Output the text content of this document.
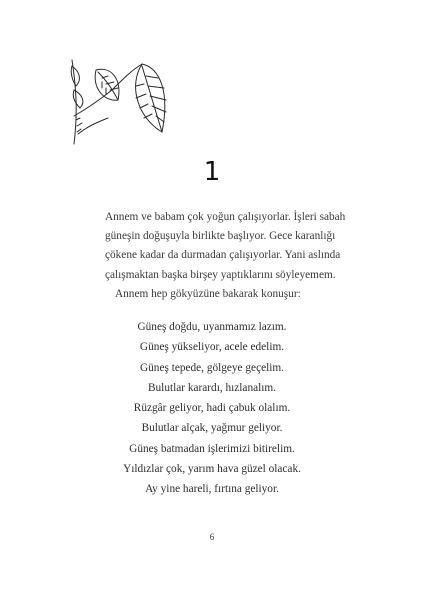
1

Annem ve babam çok yoğun çalışıyorlar. İşleri sabah

güneşin doğuşuyla birlikte başlıyor. Gece karanlığı

çökene kadar da durmadan çalışıyorlar. Yani aslında

çalışmaktan başka birşey yaptıklarını söyleyemem.

Annem hep gökyüzüne bakarak konuşur:

Güneş doğdu, uyanmamız lazım.

Güneş yükseliyor, acele edelim.

Güneş tepede, gölgeye geçelim.

Bulutlar karardı, hızlanalım.

Rüzgâr geliyor, hadi çabuk olalım.

Bulutlar alçak, yağmur geliyor.

Güneş batmadan işlerimizi bitirelim.

Yıldızlar çok, yarım hava güzel olacak.

Ay yine hareli, fırtına geliyor.

6
